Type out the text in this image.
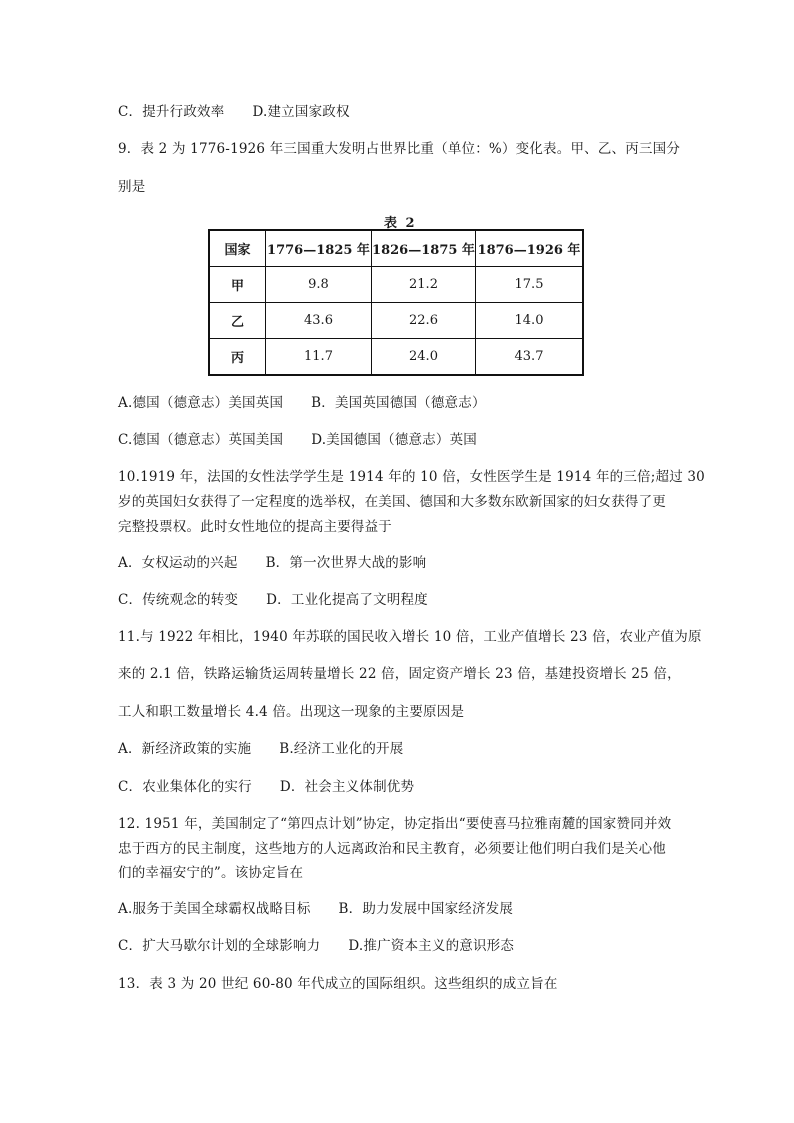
C．提升行政效率 D.建立国家政权
9．表 2 为 1776-1926 年三国重大发明占世界比重（单位：%）变化表。甲、乙、丙三国分
别是
表 2
国家	1776—1825 年	1826—1875 年	1876—1926 年
甲	9.8	21.2	17.5
乙	43.6	22.6	14.0
丙	11.7	24.0	43.7
A.德国（德意志）美国英国 B．美国英国德国（德意志）
C.德国（德意志）英国美国 D.美国德国（德意志）英国
10.1919 年，法国的女性法学学生是 1914 年的 10 倍，女性医学生是 1914 年的三倍;超过 30
岁的英国妇女获得了一定程度的选举权，在美国、德国和大多数东欧新国家的妇女获得了更
完整投票权。此时女性地位的提高主要得益于
A．女权运动的兴起 B．第一次世界大战的影响
C．传统观念的转变 D．工业化提高了文明程度
11.与 1922 年相比，1940 年苏联的国民收入增长 10 倍，工业产值增长 23 倍，农业产值为原
来的 2.1 倍，铁路运输货运周转量增长 22 倍，固定资产增长 23 倍，基建投资增长 25 倍，
工人和职工数量增长 4.4 倍。出现这一现象的主要原因是
A．新经济政策的实施 B.经济工业化的开展
C．农业集体化的实行 D．社会主义体制优势
12. 1951 年，美国制定了“第四点计划”协定，协定指出“要使喜马拉雅南麓的国家赞同并效
忠于西方的民主制度，这些地方的人远离政治和民主教育，必须要让他们明白我们是关心他
们的幸福安宁的”。该协定旨在
A.服务于美国全球霸权战略目标 B．助力发展中国家经济发展
C．扩大马歇尔计划的全球影响力 D.推广资本主义的意识形态
13．表 3 为 20 世纪 60-80 年代成立的国际组织。这些组织的成立旨在
